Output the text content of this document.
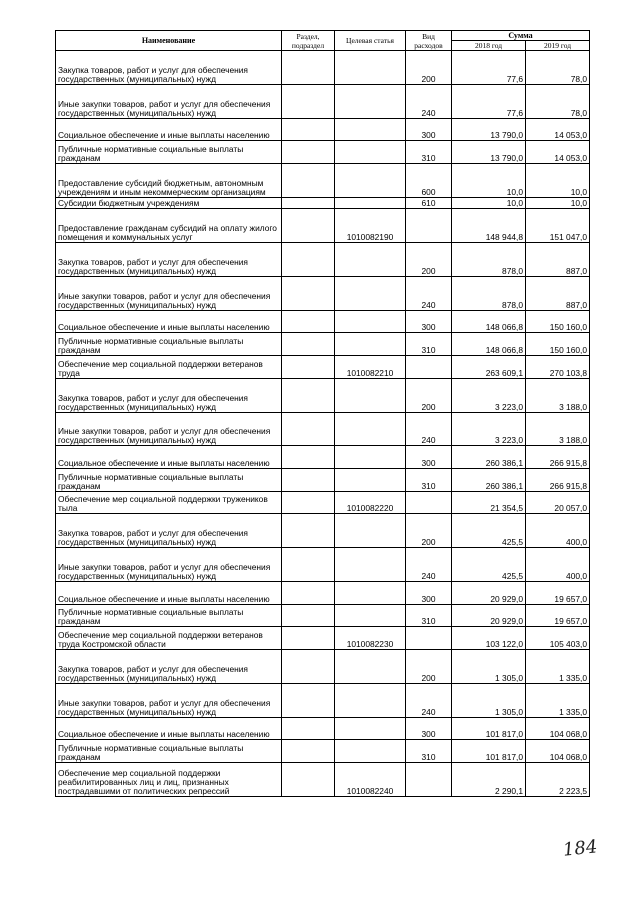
Наименование	Раздел, подраздел	Целевая статья	Вид расходов	Сумма	
				2018 год	2019 год
Закупка товаров, работ и услуг для обеспечения государственных (муниципальных) нужд			200	77,6	78,0
Иные закупки товаров, работ и услуг для обеспечения государственных (муниципальных) нужд			240	77,6	78,0
Социальное обеспечение и иные выплаты населению			300	13 790,0	14 053,0
Публичные нормативные социальные выплаты гражданам			310	13 790,0	14 053,0
Предоставление субсидий бюджетным, автономным учреждениям и иным некоммерческим организациям			600	10,0	10,0
Субсидии бюджетным учреждениям			610	10,0	10,0
Предоставление гражданам субсидий на оплату жилого помещения и коммунальных услуг		1010082190		148 944,8	151 047,0
Закупка товаров, работ и услуг для обеспечения государственных (муниципальных) нужд			200	878,0	887,0
Иные закупки товаров, работ и услуг для обеспечения государственных (муниципальных) нужд			240	878,0	887,0
Социальное обеспечение и иные выплаты населению			300	148 066,8	150 160,0
Публичные нормативные социальные выплаты гражданам			310	148 066,8	150 160,0
Обеспечение мер социальной поддержки ветеранов труда		1010082210		263 609,1	270 103,8
Закупка товаров, работ и услуг для обеспечения государственных (муниципальных) нужд			200	3 223,0	3 188,0
Иные закупки товаров, работ и услуг для обеспечения государственных (муниципальных) нужд			240	3 223,0	3 188,0
Социальное обеспечение и иные выплаты населению			300	260 386,1	266 915,8
Публичные нормативные социальные выплаты гражданам			310	260 386,1	266 915,8
Обеспечение мер социальной поддержки тружеников тыла		1010082220		21 354,5	20 057,0
Закупка товаров, работ и услуг для обеспечения государственных (муниципальных) нужд			200	425,5	400,0
Иные закупки товаров, работ и услуг для обеспечения государственных (муниципальных) нужд			240	425,5	400,0
Социальное обеспечение и иные выплаты населению			300	20 929,0	19 657,0
Публичные нормативные социальные выплаты гражданам			310	20 929,0	19 657,0
Обеспечение мер социальной поддержки ветеранов труда Костромской области		1010082230		103 122,0	105 403,0
Закупка товаров, работ и услуг для обеспечения государственных (муниципальных) нужд			200	1 305,0	1 335,0
Иные закупки товаров, работ и услуг для обеспечения государственных (муниципальных) нужд			240	1 305,0	1 335,0
Социальное обеспечение и иные выплаты населению			300	101 817,0	104 068,0
Публичные нормативные социальные выплаты гражданам			310	101 817,0	104 068,0
Обеспечение мер социальной поддержки реабилитированных лиц и лиц, признанных пострадавшими от политических репрессий		1010082240		2 290,1	2 223,5
184
